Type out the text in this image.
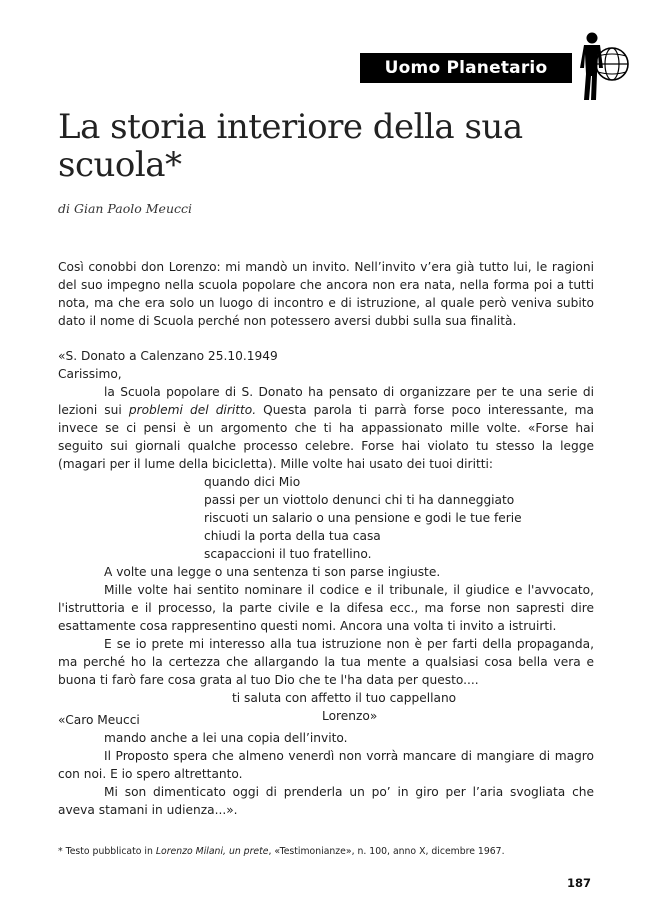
Uomo Planetario
La storia interiore della sua scuola*

di Gian Paolo Meucci

Così conobbi don Lorenzo: mi mandò un invito. Nell’invito v’era già tutto lui, le ragioni del suo impegno nella scuola popolare che ancora non era nata, nella forma poi a tutti nota, ma che era solo un luogo di incontro e di istruzione, al quale però veniva subito dato il nome di Scuola perché non potessero aversi dubbi sulla sua finalità.

«S. Donato a Calenzano 25.10.1949

Carissimo,

la Scuola popolare di S. Donato ha pensato di organizzare per te una serie di lezioni sui problemi del diritto. Questa parola ti parrà forse poco interessante, ma invece se ci pensi è un argomento che ti ha appassionato mille volte. «Forse hai seguito sui giornali qualche processo celebre. Forse hai violato tu stesso la legge (magari per il lume della bicicletta). Mille volte hai usato dei tuoi diritti:

quando dici Mio

passi per un viottolo denunci chi ti ha danneggiato

riscuoti un salario o una pensione e godi le tue ferie

chiudi la porta della tua casa

scapaccioni il tuo fratellino.

A volte una legge o una sentenza ti son parse ingiuste.

Mille volte hai sentito nominare il codice e il tribunale, il giudice e l'avvocato, l'istruttoria e il processo, la parte civile e la difesa ecc., ma forse non sapresti dire esattamente cosa rappresentino questi nomi. Ancora una volta ti invito a istruirti.

E se io prete mi interesso alla tua istruzione non è per farti della propaganda, ma perché ho la certezza che allargando la tua mente a qualsiasi cosa bella vera e buona ti farò fare cosa grata al tuo Dio che te l'ha data per questo....

ti saluta con affetto il tuo cappellano

Lorenzo»

«Caro Meucci

mando anche a lei una copia dell’invito.

Il Proposto spera che almeno venerdì non vorrà mancare di mangiare di magro con noi. E io spero altrettanto.

Mi son dimenticato oggi di prenderla un po’ in giro per l’aria svogliata che aveva stamani in udienza...».

* Testo pubblicato in Lorenzo Milani, un prete, «Testimonianze», n. 100, anno X, dicembre 1967.
187
